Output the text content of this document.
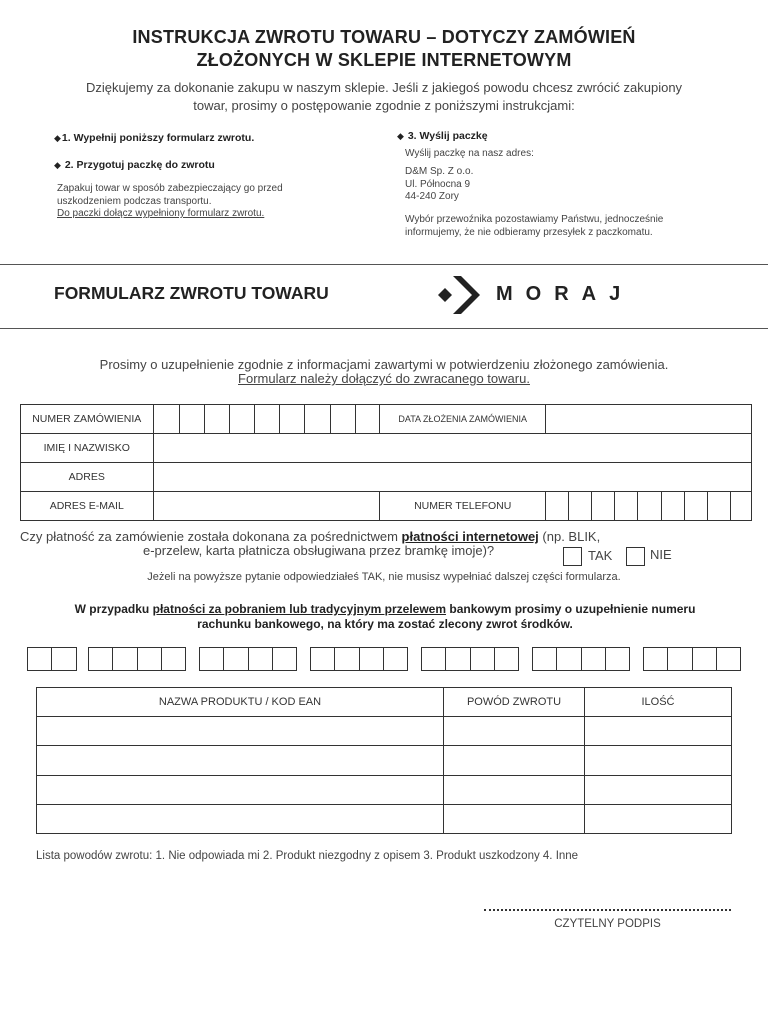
INSTRUKCJA ZWROTU TOWARU – DOTYCZY ZAMÓWIEŃ
ZŁOŻONYCH W SKLEPIE INTERNETOWYM
Dziękujemy za dokonanie zakupu w naszym sklepie. Jeśli z jakiegoś powodu chcesz zwrócić zakupiony
towar, prosimy o postępowanie zgodnie z poniższymi instrukcjami:
◆1. Wypełnij poniższy formularz zwrotu.
◆ 2. Przygotuj paczkę do zwrotu
Zapakuj towar w sposób zabezpieczający go przed
uszkodzeniem podczas transportu.
Do paczki dołącz wypełniony formularz zwrotu.
◆ 3. Wyślij paczkę
Wyślij paczkę na nasz adres:
D&M Sp. Z o.o.
Ul. Północna 9
44-240 Zory
Wybór przewoźnika pozostawiamy Państwu, jednocześnie
informujemy, że nie odbieramy przesyłek z paczkomatu.
FORMULARZ ZWROTU TOWARU	MORAJ
Prosimy o uzupełnienie zgodnie z informacjami zawartymi w potwierdzeniu złożonego zamówienia.
Formularz należy dołączyć do zwracanego towaru.
NUMER ZAMÓWIENIA										DATA ZŁOŻENIA ZAMÓWIENIA									
IMIĘ I NAZWISKO																			
ADRES																			
ADRES E-MAIL										NUMER TELEFONU									
Czy płatność za zamówienie została dokonana za pośrednictwem płatności internetowej (np. BLIK,
e-przelew, karta płatnicza obsługiwana przez bramkę imoje)?	TAK	NIE
Jeżeli na powyższe pytanie odpowiedziałeś TAK, nie musisz wypełniać dalszej części formularza.
W przypadku płatności za pobraniem lub tradycyjnym przelewem bankowym prosimy o uzupełnienie numeru
rachunku bankowego, na który ma zostać zlecony zwrot środków.
NAZWA PRODUKTU / KOD EAN	POWÓD ZWROTU	ILOŚĆ

Lista powodów zwrotu: 1. Nie odpowiada mi 2. Produkt niezgodny z opisem 3. Produkt uszkodzony 4. Inne
CZYTELNY PODPIS
